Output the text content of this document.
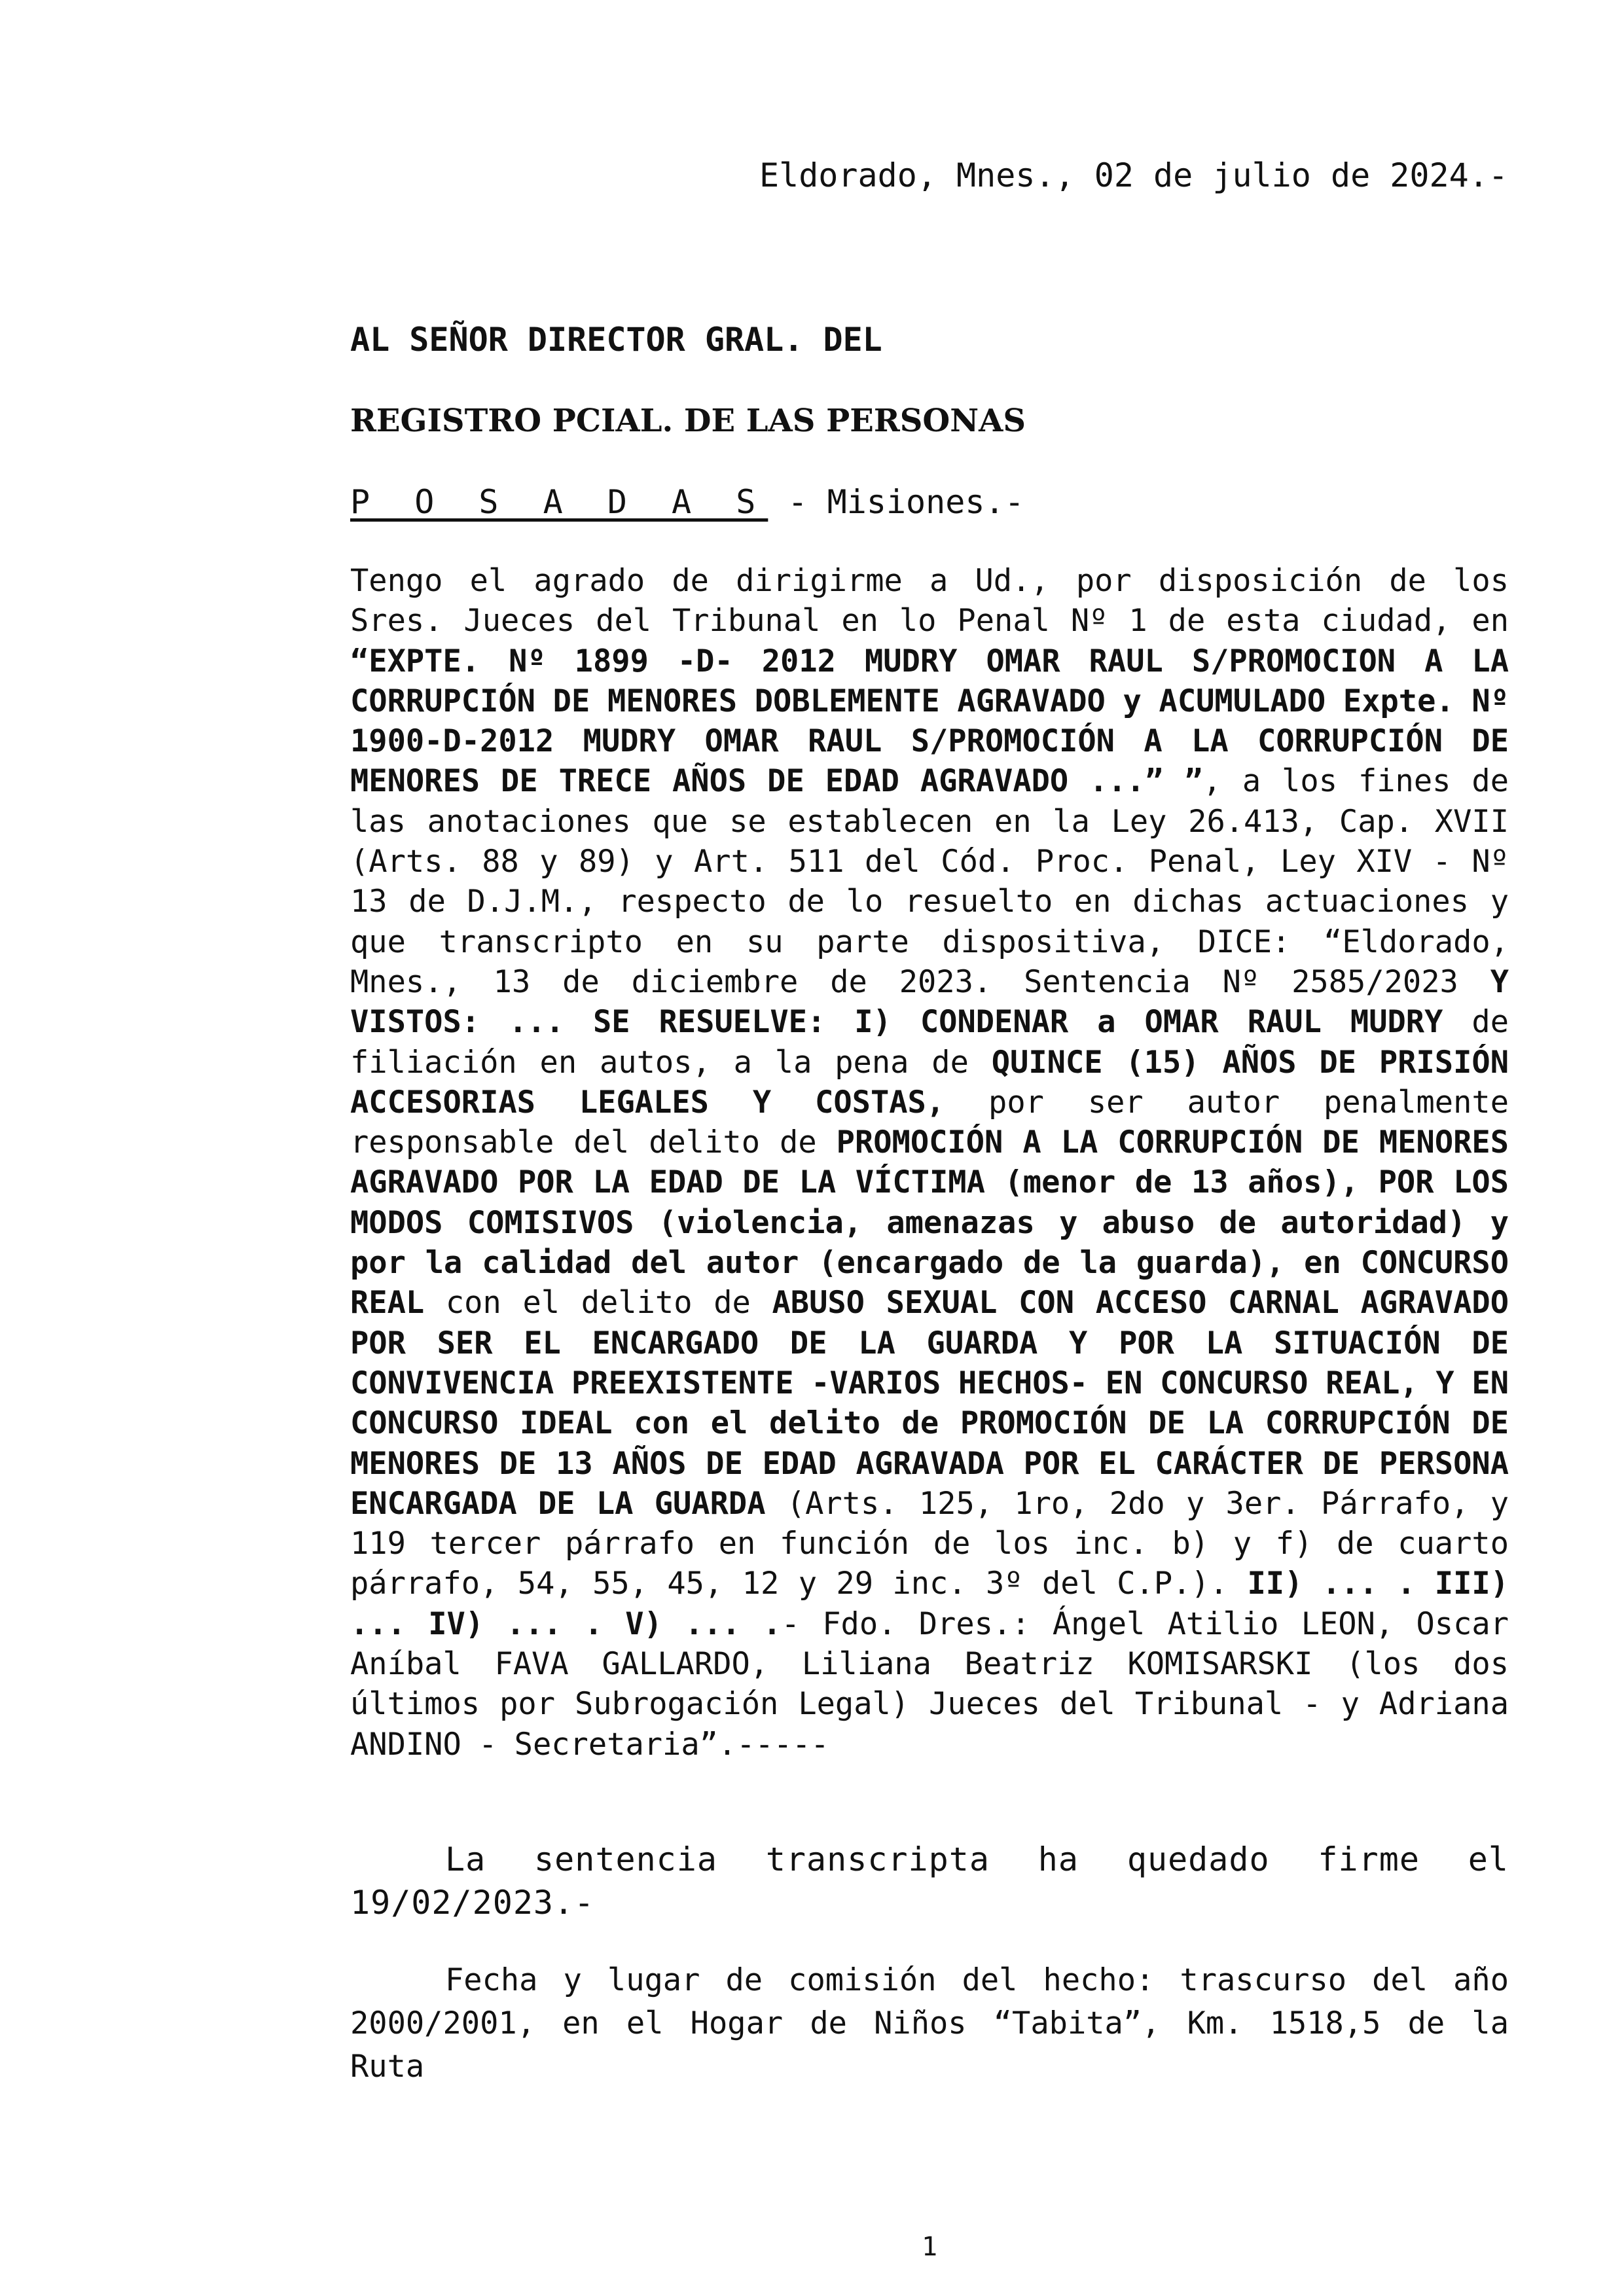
Eldorado, Mnes., 02 de julio de 2024.-
AL SEÑOR DIRECTOR GRAL. DEL
REGISTRO PCIAL. DE LAS PERSONAS
P O S A D A S - Misiones.-
Tengo el agrado de dirigirme a Ud., por disposición de los Sres. Jueces del Tribunal en lo Penal Nº 1 de esta ciudad, en “EXPTE. Nº 1899 -D- 2012 MUDRY OMAR RAUL S/PROMOCION A LA CORRUPCIÓN DE MENORES DOBLEMENTE AGRAVADO y ACUMULADO Expte. Nº 1900-D-2012 MUDRY OMAR RAUL S/PROMOCIÓN A LA CORRUPCIÓN DE MENORES DE TRECE AÑOS DE EDAD AGRAVADO ...” ”, a los fines de las anotaciones que se establecen en la Ley 26.413, Cap. XVII (Arts. 88 y 89) y Art. 511 del Cód. Proc. Penal, Ley XIV - Nº 13 de D.J.M., respecto de lo resuelto en dichas actuaciones y que transcripto en su parte dispositiva, DICE: “Eldorado, Mnes., 13 de diciembre de 2023. Sentencia Nº 2585/2023 Y VISTOS: ... SE RESUELVE: I) CONDENAR a OMAR RAUL MUDRY de filiación en autos, a la pena de QUINCE (15) AÑOS DE PRISIÓN ACCESORIAS LEGALES Y COSTAS, por ser autor penalmente responsable del delito de PROMOCIÓN A LA CORRUPCIÓN DE MENORES AGRAVADO POR LA EDAD DE LA VÍCTIMA (menor de 13 años), POR LOS MODOS COMISIVOS (violencia, amenazas y abuso de autoridad) y por la calidad del autor (encargado de la guarda), en CONCURSO REAL con el delito de ABUSO SEXUAL CON ACCESO CARNAL AGRAVADO POR SER EL ENCARGADO DE LA GUARDA Y POR LA SITUACIÓN DE CONVIVENCIA PREEXISTENTE -VARIOS HECHOS- EN CONCURSO REAL, Y EN CONCURSO IDEAL con el delito de PROMOCIÓN DE LA CORRUPCIÓN DE MENORES DE 13 AÑOS DE EDAD AGRAVADA POR EL CARÁCTER DE PERSONA ENCARGADA DE LA GUARDA (Arts. 125, 1ro, 2do y 3er. Párrafo, y 119 tercer párrafo en función de los inc. b) y f) de cuarto párrafo, 54, 55, 45, 12 y 29 inc. 3º del C.P.). II) ... . III) ... IV) ... . V) ... .- Fdo. Dres.: Ángel Atilio LEON, Oscar Aníbal FAVA GALLARDO, Liliana Beatriz KOMISARSKI (los dos últimos por Subrogación Legal) Jueces del Tribunal - y Adriana ANDINO - Secretaria”.-----
La sentencia transcripta ha quedado firme el 19/02/2023.-
Fecha y lugar de comisión del hecho: trascurso del año 2000/2001, en el Hogar de Niños “Tabita”, Km. 1518,5 de la Ruta
1
